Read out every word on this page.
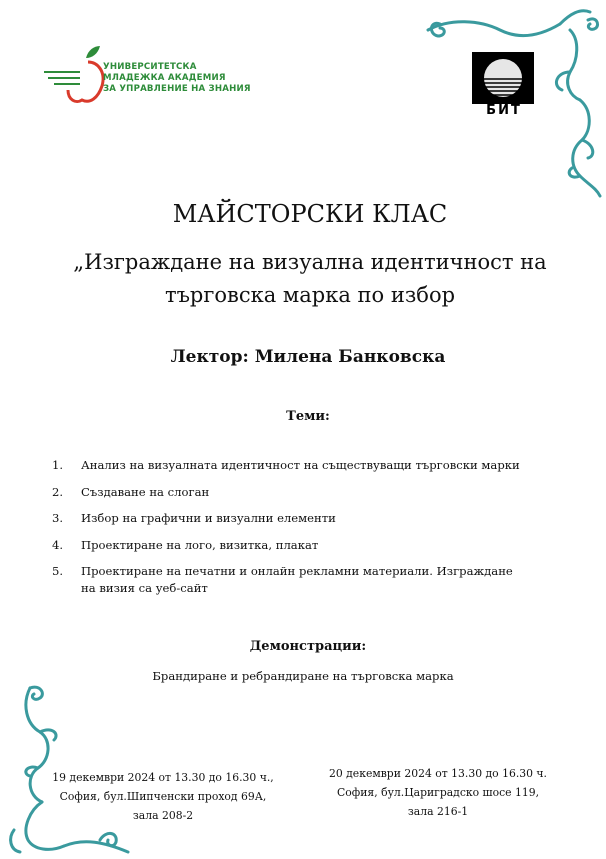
УНИВЕРСИТЕТСКА
МЛАДЕЖКА АКАДЕМИЯ
ЗА УПРАВЛЕНИЕ НА ЗНАНИЯ
БИТ
МАЙСТОРСКИ КЛАС
„Изграждане на визуална идентичност на
търговска марка по избор
Лектор: Милена Банковска
Теми:
1. Анализ на визуалната идентичност на съществуващи търговски марки
2. Създаване на слоган
3. Избор на графични и визуални елементи
4. Проектиране на лого, визитка, плакат
5. Проектиране на печатни и онлайн рекламни материали. Изграждане
на визия са уеб-сайт
Демонстрации:
Брандиране и ребрандиране на търговска марка
19 декември 2024 от 13.30 до 16.30 ч.,
София, бул.Шипченски проход 69А,
зала 208-2
20 декември 2024 от 13.30 до 16.30 ч.
София, бул.Цариградско шосе 119,
зала 216-1
